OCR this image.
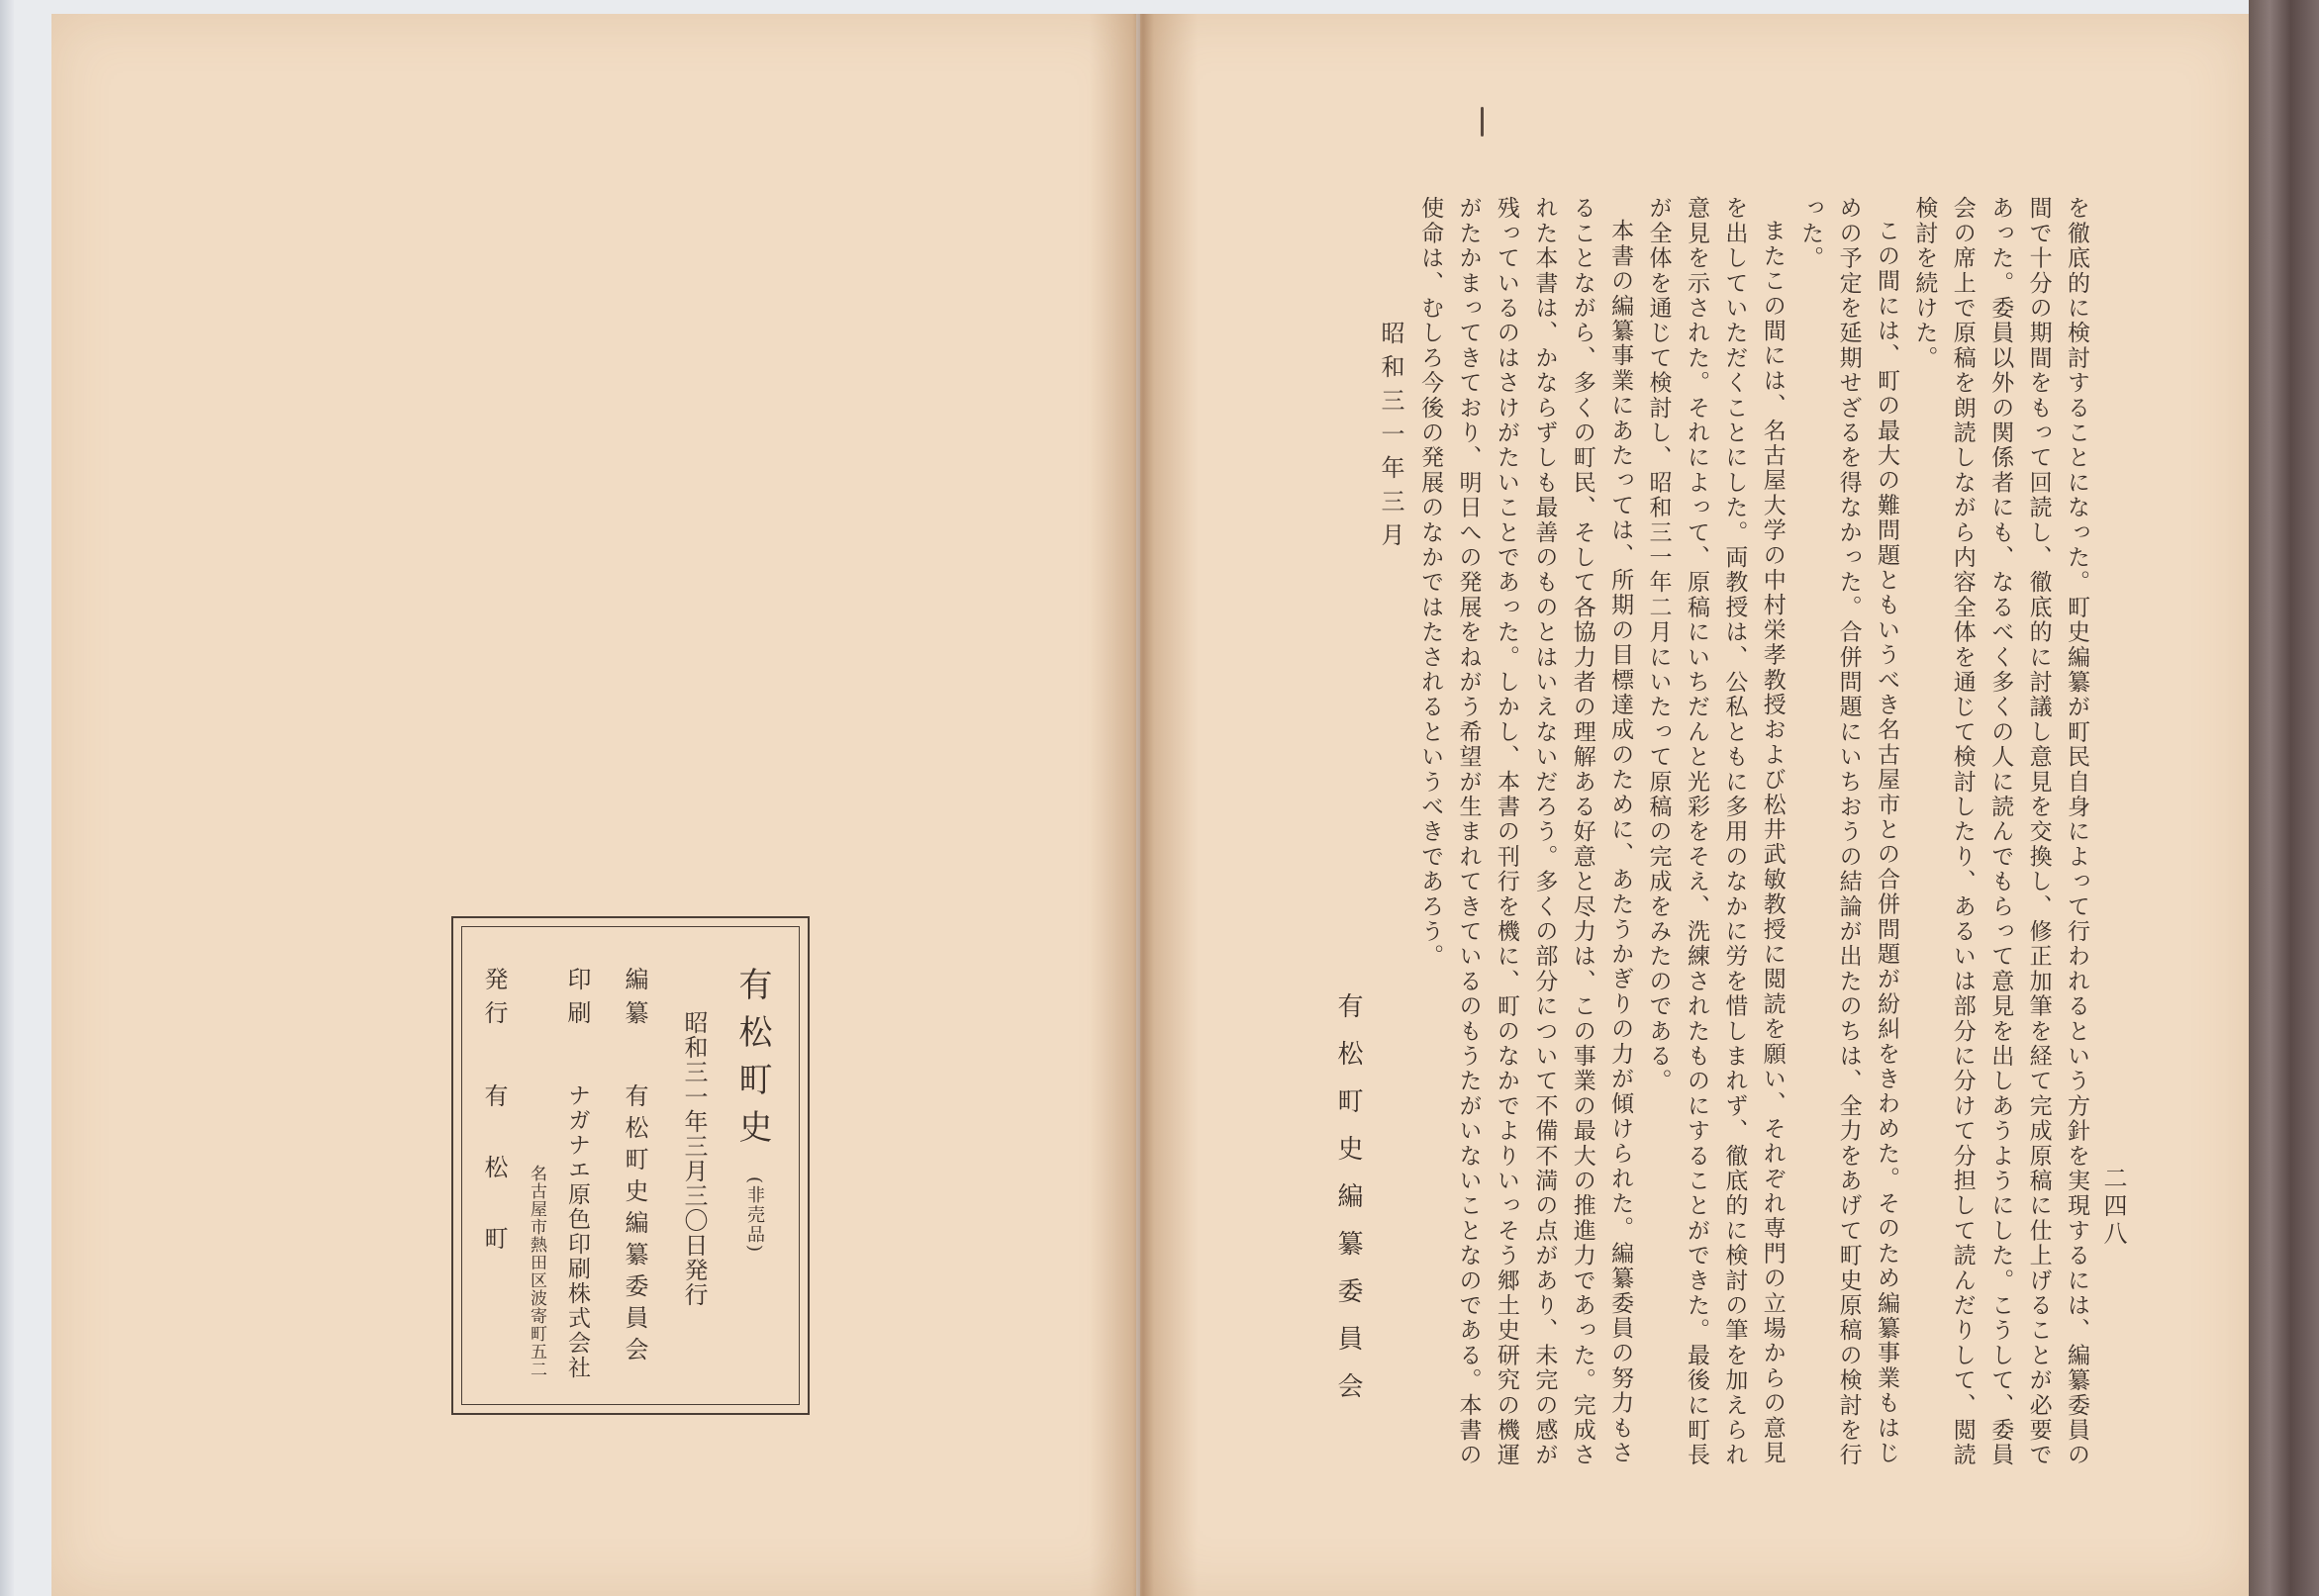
有松町史
(非売品)
昭和三一年三月三〇日発行
編纂
有松町史編纂委員会
印刷
ナガナエ原色印刷株式会社
名古屋市熱田区波寄町五二
発行
有松町	二四八

を徹底的に検討することになった。町史編纂が町民自身によって行われるという方針を実現するには、編纂委員の間で十分の期間をもって回読し、徹底的に討議し意見を交換し、修正加筆を経て完成原稿に仕上げることが必要であった。委員以外の関係者にも、なるべく多くの人に読んでもらって意見を出しあうようにした。こうして、委員会の席上で原稿を朗読しながら内容全体を通じて検討したり、あるいは部分に分けて分担して読んだりして、閲読検討を続けた。

この間には、町の最大の難問題ともいうべき名古屋市との合併問題が紛糾をきわめた。そのため編纂事業もはじめの予定を延期せざるを得なかった。合併問題にいちおうの結論が出たのちは、全力をあげて町史原稿の検討を行った。

またこの間には、名古屋大学の中村栄孝教授および松井武敏教授に閲読を願い、それぞれ専門の立場からの意見を出していただくことにした。両教授は、公私ともに多用のなかに労を惜しまれず、徹底的に検討の筆を加えられ意見を示された。それによって、原稿にいちだんと光彩をそえ、洗練されたものにすることができた。最後に町長が全体を通じて検討し、昭和三一年二月にいたって原稿の完成をみたのである。

本書の編纂事業にあたっては、所期の目標達成のために、あたうかぎりの力が傾けられた。編纂委員の努力もさることながら、多くの町民、そして各協力者の理解ある好意と尽力は、この事業の最大の推進力であった。完成された本書は、かならずしも最善のものとはいえないだろう。多くの部分について不備不満の点があり、未完の感が残っているのはさけがたいことであった。しかし、本書の刊行を機に、町のなかでよりいっそう郷土史研究の機運がたかまってきており、明日への発展をねがう希望が生まれてきているのもうたがいないことなのである。本書の使命は、むしろ今後の発展のなかではたされるというべきであろう。

昭和三一年三月
有松町史編纂委員会
